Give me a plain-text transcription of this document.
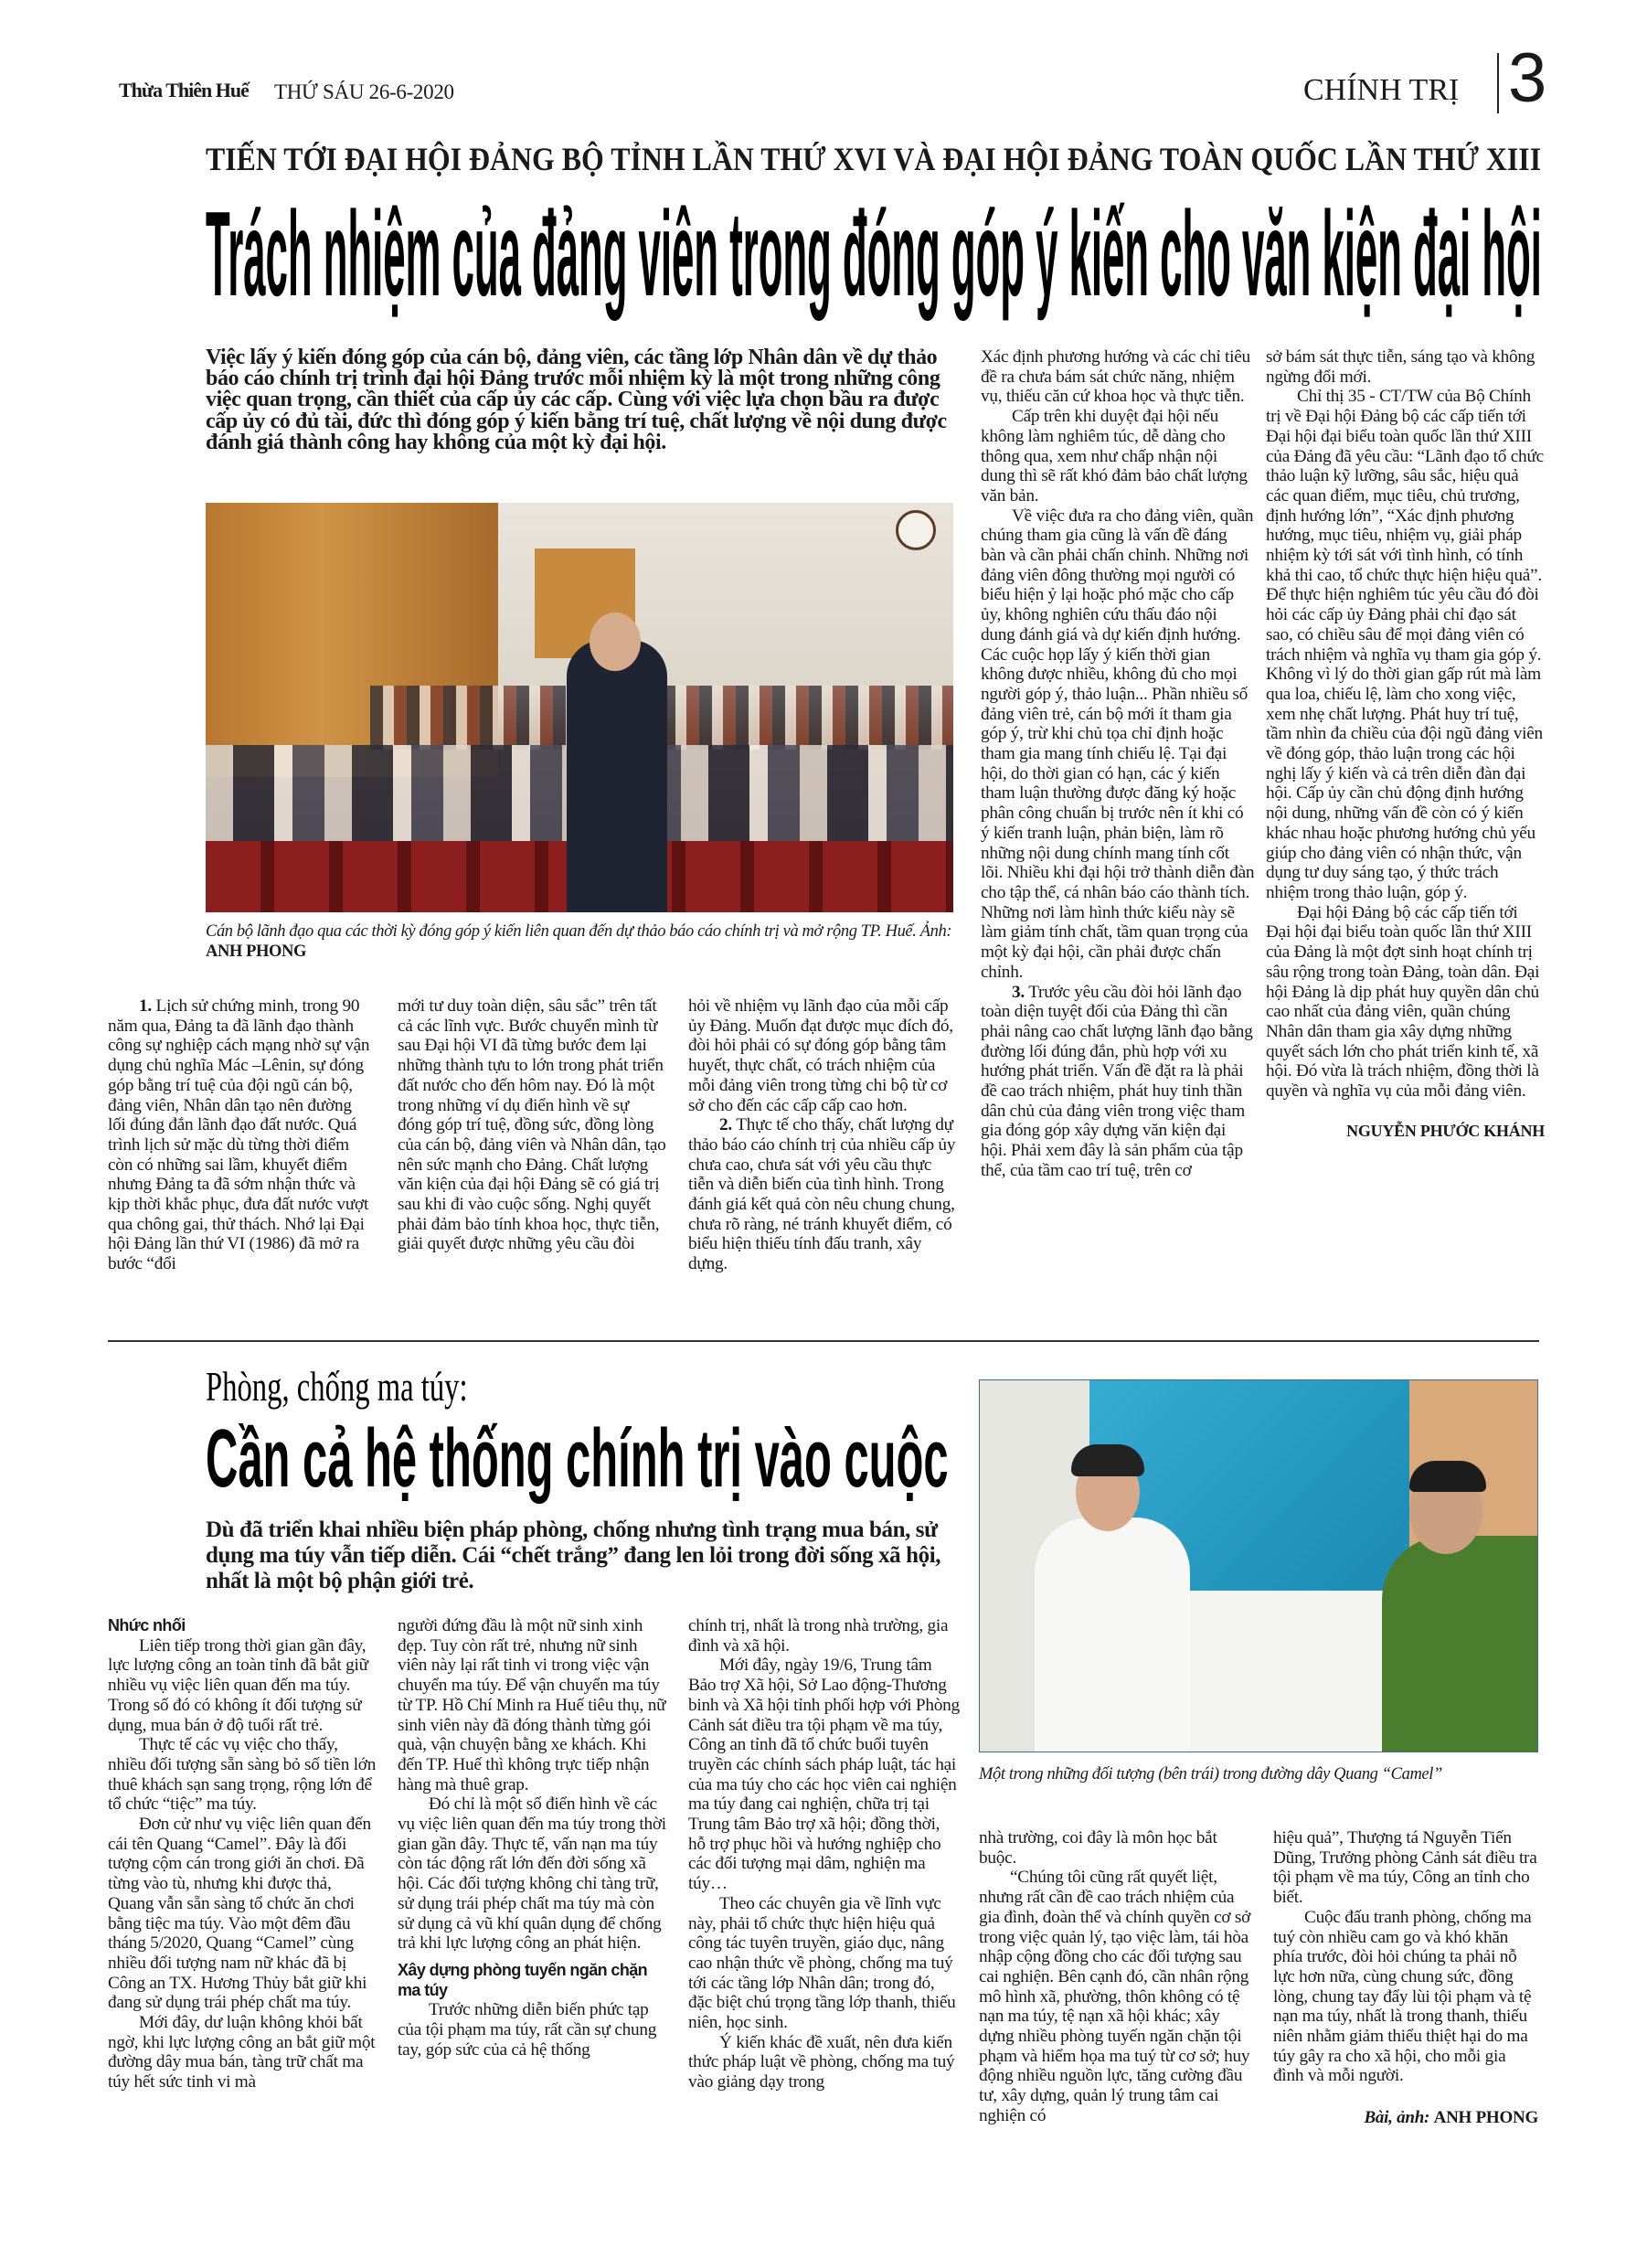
Thừa Thiên Huế THỨ SÁU 26-6-2020	CHÍNH TRỊ 3
TIẾN TỚI ĐẠI HỘI ĐẢNG BỘ TỈNH LẦN THỨ XVI VÀ ĐẠI HỘI ĐẢNG TOÀN QUỐC LẦN THỨ XIII
Trách nhiệm của đảng viên trong đóng góp ý kiến cho văn kiện đại hội
Việc lấy ý kiến đóng góp của cán bộ, đảng viên, các tầng lớp Nhân dân về dự thảo báo cáo chính trị trình đại hội Đảng trước mỗi nhiệm kỳ là một trong những công việc quan trọng, cần thiết của cấp ủy các cấp. Cùng với việc lựa chọn bầu ra được cấp ủy có đủ tài, đức thì đóng góp ý kiến bằng trí tuệ, chất lượng về nội dung được đánh giá thành công hay không của một kỳ đại hội.
Cán bộ lãnh đạo qua các thời kỳ đóng góp ý kiến liên quan đến dự thảo báo cáo chính trị và mở rộng TP. Huế. Ảnh: ANH PHONG

1. Lịch sử chứng minh, trong 90 năm qua, Đảng ta đã lãnh đạo thành công sự nghiệp cách mạng nhờ sự vận dụng chủ nghĩa Mác –Lênin, sự đóng góp bằng trí tuệ của đội ngũ cán bộ, đảng viên, Nhân dân tạo nên đường lối đúng đắn lãnh đạo đất nước. Quá trình lịch sử mặc dù từng thời điểm còn có những sai lầm, khuyết điểm nhưng Đảng ta đã sớm nhận thức và kịp thời khắc phục, đưa đất nước vượt qua chông gai, thử thách. Nhớ lại Đại hội Đảng lần thứ VI (1986) đã mở ra bước “đổi

mới tư duy toàn diện, sâu sắc” trên tất cả các lĩnh vực. Bước chuyển mình từ sau Đại hội VI đã từng bước đem lại những thành tựu to lớn trong phát triển đất nước cho đến hôm nay. Đó là một trong những ví dụ điển hình về sự đóng góp trí tuệ, đồng sức, đồng lòng của cán bộ, đảng viên và Nhân dân, tạo nên sức mạnh cho Đảng. Chất lượng văn kiện của đại hội Đảng sẽ có giá trị sau khi đi vào cuộc sống. Nghị quyết phải đảm bảo tính khoa học, thực tiễn, giải quyết được những yêu cầu đòi

hỏi về nhiệm vụ lãnh đạo của mỗi cấp ủy Đảng. Muốn đạt được mục đích đó, đòi hỏi phải có sự đóng góp bằng tâm huyết, thực chất, có trách nhiệm của mỗi đảng viên trong từng chi bộ từ cơ sở cho đến các cấp cấp cao hơn.

2. Thực tế cho thấy, chất lượng dự thảo báo cáo chính trị của nhiều cấp ủy chưa cao, chưa sát với yêu cầu thực tiễn và diễn biến của tình hình. Trong đánh giá kết quả còn nêu chung chung, chưa rõ ràng, né tránh khuyết điểm, có biểu hiện thiếu tính đấu tranh, xây dựng.

Xác định phương hướng và các chỉ tiêu đề ra chưa bám sát chức năng, nhiệm vụ, thiếu căn cứ khoa học và thực tiễn.

Cấp trên khi duyệt đại hội nếu không làm nghiêm túc, dễ dàng cho thông qua, xem như chấp nhận nội dung thì sẽ rất khó đảm bảo chất lượng văn bản.

Về việc đưa ra cho đảng viên, quần chúng tham gia cũng là vấn đề đáng bàn và cần phải chấn chỉnh. Những nơi đảng viên đông thường mọi người có biểu hiện ỷ lại hoặc phó mặc cho cấp ủy, không nghiên cứu thấu đáo nội dung đánh giá và dự kiến định hướng. Các cuộc họp lấy ý kiến thời gian không được nhiều, không đủ cho mọi người góp ý, thảo luận... Phần nhiều số đảng viên trẻ, cán bộ mới ít tham gia góp ý, trừ khi chủ tọa chỉ định hoặc tham gia mang tính chiếu lệ. Tại đại hội, do thời gian có hạn, các ý kiến tham luận thường được đăng ký hoặc phân công chuẩn bị trước nên ít khi có ý kiến tranh luận, phản biện, làm rõ những nội dung chính mang tính cốt lõi. Nhiều khi đại hội trở thành diễn đàn cho tập thể, cá nhân báo cáo thành tích. Những nơi làm hình thức kiểu này sẽ làm giảm tính chất, tầm quan trọng của một kỳ đại hội, cần phải được chấn chỉnh.

3. Trước yêu cầu đòi hỏi lãnh đạo toàn diện tuyệt đối của Đảng thì cần phải nâng cao chất lượng lãnh đạo bằng đường lối đúng đắn, phù hợp với xu hướng phát triển. Vấn đề đặt ra là phải đề cao trách nhiệm, phát huy tinh thần dân chủ của đảng viên trong việc tham gia đóng góp xây dựng văn kiện đại hội. Phải xem đây là sản phẩm của tập thể, của tầm cao trí tuệ, trên cơ

sở bám sát thực tiễn, sáng tạo và không ngừng đổi mới.

Chỉ thị 35 - CT/TW của Bộ Chính trị về Đại hội Đảng bộ các cấp tiến tới Đại hội đại biểu toàn quốc lần thứ XIII của Đảng đã yêu cầu: “Lãnh đạo tổ chức thảo luận kỹ lưỡng, sâu sắc, hiệu quả các quan điểm, mục tiêu, chủ trương, định hướng lớn”, “Xác định phương hướng, mục tiêu, nhiệm vụ, giải pháp nhiệm kỳ tới sát với tình hình, có tính khả thi cao, tổ chức thực hiện hiệu quả”. Để thực hiện nghiêm túc yêu cầu đó đòi hỏi các cấp ủy Đảng phải chỉ đạo sát sao, có chiều sâu để mọi đảng viên có trách nhiệm và nghĩa vụ tham gia góp ý. Không vì lý do thời gian gấp rút mà làm qua loa, chiếu lệ, làm cho xong việc, xem nhẹ chất lượng. Phát huy trí tuệ, tầm nhìn đa chiều của đội ngũ đảng viên về đóng góp, thảo luận trong các hội nghị lấy ý kiến và cả trên diễn đàn đại hội. Cấp ủy cần chủ động định hướng nội dung, những vấn đề còn có ý kiến khác nhau hoặc phương hướng chủ yếu giúp cho đảng viên có nhận thức, vận dụng tư duy sáng tạo, ý thức trách nhiệm trong thảo luận, góp ý.

Đại hội Đảng bộ các cấp tiến tới Đại hội đại biểu toàn quốc lần thứ XIII của Đảng là một đợt sinh hoạt chính trị sâu rộng trong toàn Đảng, toàn dân. Đại hội Đảng là dịp phát huy quyền dân chủ cao nhất của đảng viên, quần chúng Nhân dân tham gia xây dựng những quyết sách lớn cho phát triển kinh tế, xã hội. Đó vừa là trách nhiệm, đồng thời là quyền và nghĩa vụ của mỗi đảng viên.

NGUYỄN PHƯỚC KHÁNH

Phòng, chống ma túy:
Cần cả hệ thống chính trị vào cuộc
Dù đã triển khai nhiều biện pháp phòng, chống nhưng tình trạng mua bán, sử dụng ma túy vẫn tiếp diễn. Cái “chết trắng” đang len lỏi trong đời sống xã hội, nhất là một bộ phận giới trẻ.
Một trong những đối tượng (bên trái) trong đường dây Quang “Camel”

Nhức nhối

Liên tiếp trong thời gian gần đây, lực lượng công an toàn tỉnh đã bắt giữ nhiều vụ việc liên quan đến ma túy. Trong số đó có không ít đối tượng sử dụng, mua bán ở độ tuổi rất trẻ.

Thực tế các vụ việc cho thấy, nhiều đối tượng sẵn sàng bỏ số tiền lớn thuê khách sạn sang trọng, rộng lớn để tổ chức “tiệc” ma túy.

Đơn cử như vụ việc liên quan đến cái tên Quang “Camel”. Đây là đối tượng cộm cán trong giới ăn chơi. Đã từng vào tù, nhưng khi được thả, Quang vẫn sẵn sàng tổ chức ăn chơi bằng tiệc ma túy. Vào một đêm đầu tháng 5/2020, Quang “Camel” cùng nhiều đối tượng nam nữ khác đã bị Công an TX. Hương Thủy bắt giữ khi đang sử dụng trái phép chất ma túy.

Mới đây, dư luận không khỏi bất ngờ, khi lực lượng công an bắt giữ một đường dây mua bán, tàng trữ chất ma túy hết sức tinh vi mà

người đứng đầu là một nữ sinh xinh đẹp. Tuy còn rất trẻ, nhưng nữ sinh viên này lại rất tinh vi trong việc vận chuyển ma túy. Để vận chuyển ma túy từ TP. Hồ Chí Minh ra Huế tiêu thụ, nữ sinh viên này đã đóng thành từng gói quà, vận chuyện bằng xe khách. Khi đến TP. Huế thì không trực tiếp nhận hàng mà thuê grap.

Đó chỉ là một số điển hình về các vụ việc liên quan đến ma túy trong thời gian gần đây. Thực tế, vấn nạn ma túy còn tác động rất lớn đến đời sống xã hội. Các đối tượng không chỉ tàng trữ, sử dụng trái phép chất ma túy mà còn sử dụng cả vũ khí quân dụng để chống trả khi lực lượng công an phát hiện.

Xây dựng phòng tuyến ngăn chặn ma túy

Trước những diễn biến phức tạp của tội phạm ma túy, rất cần sự chung tay, góp sức của cả hệ thống

chính trị, nhất là trong nhà trường, gia đình và xã hội.

Mới đây, ngày 19/6, Trung tâm Bảo trợ Xã hội, Sở Lao động-Thương binh và Xã hội tỉnh phối hợp với Phòng Cảnh sát điều tra tội phạm về ma túy, Công an tỉnh đã tổ chức buổi tuyên truyền các chính sách pháp luật, tác hại của ma túy cho các học viên cai nghiện ma túy đang cai nghiện, chữa trị tại Trung tâm Bảo trợ xã hội; đồng thời, hỗ trợ phục hồi và hướng nghiệp cho các đối tượng mại dâm, nghiện ma túy…

Theo các chuyên gia về lĩnh vực này, phải tổ chức thực hiện hiệu quả công tác tuyên truyền, giáo dục, nâng cao nhận thức về phòng, chống ma tuý tới các tầng lớp Nhân dân; trong đó, đặc biệt chú trọng tầng lớp thanh, thiếu niên, học sinh.

Ý kiến khác đề xuất, nên đưa kiến thức pháp luật về phòng, chống ma tuý vào giảng dạy trong

nhà trường, coi đây là môn học bắt buộc.

“Chúng tôi cũng rất quyết liệt, nhưng rất cần đề cao trách nhiệm của gia đình, đoàn thể và chính quyền cơ sở trong việc quản lý, tạo việc làm, tái hòa nhập cộng đồng cho các đối tượng sau cai nghiện. Bên cạnh đó, cần nhân rộng mô hình xã, phường, thôn không có tệ nạn ma túy, tệ nạn xã hội khác; xây dựng nhiều phòng tuyến ngăn chặn tội phạm và hiểm họa ma tuý từ cơ sở; huy động nhiều nguồn lực, tăng cường đầu tư, xây dựng, quản lý trung tâm cai nghiện có

hiệu quả”, Thượng tá Nguyễn Tiến Dũng, Trưởng phòng Cảnh sát điều tra tội phạm về ma túy, Công an tỉnh cho biết.

Cuộc đấu tranh phòng, chống ma tuý còn nhiều cam go và khó khăn phía trước, đòi hỏi chúng ta phải nỗ lực hơn nữa, cùng chung sức, đồng lòng, chung tay đẩy lùi tội phạm và tệ nạn ma túy, nhất là trong thanh, thiếu niên nhằm giảm thiểu thiệt hại do ma túy gây ra cho xã hội, cho mỗi gia đình và mỗi người.

Bài, ảnh: ANH PHONG
